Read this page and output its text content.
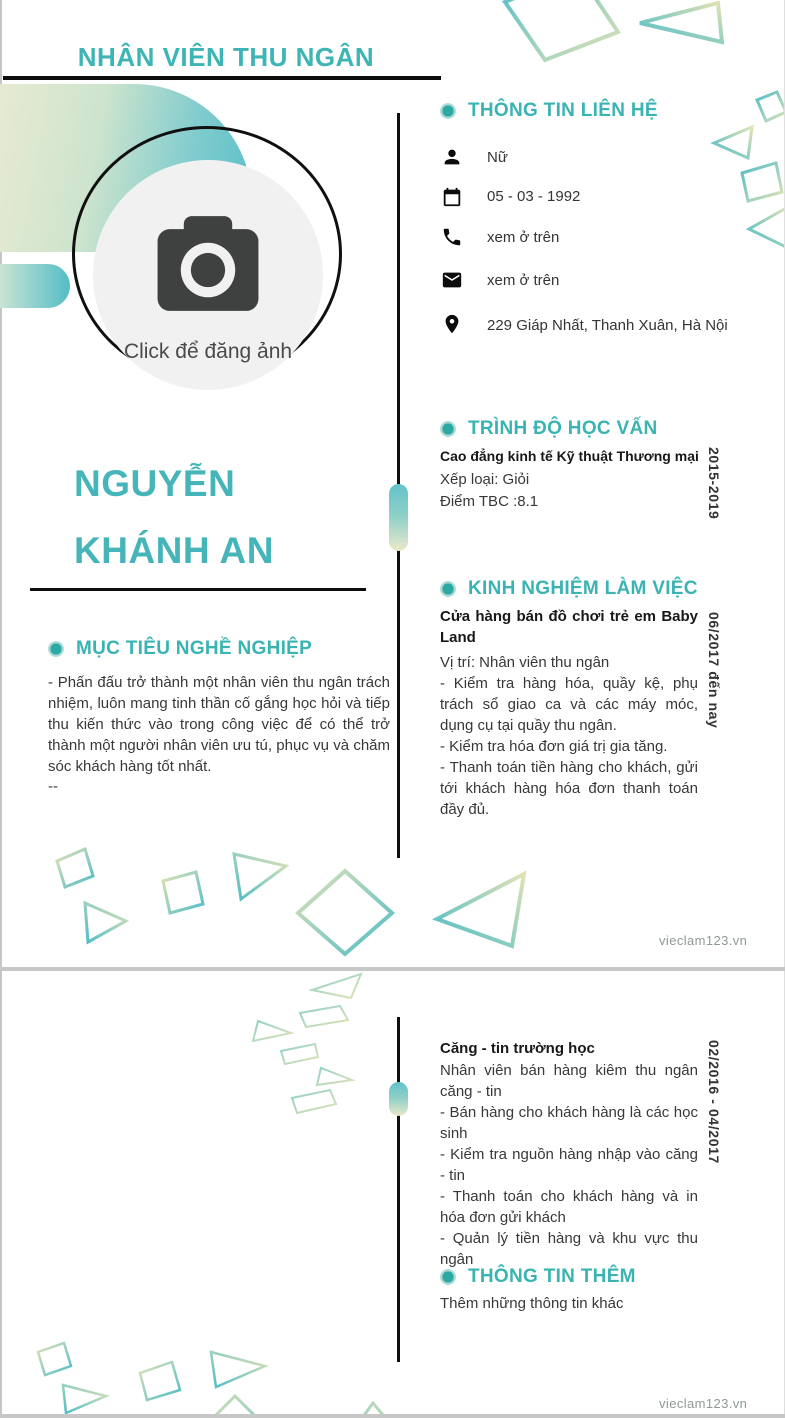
NHÂN VIÊN THU NGÂN
Click để đăng ảnh
NGUYỄN
KHÁNH AN
MỤC TIÊU NGHỀ NGHIỆP
- Phấn đấu trở thành một nhân viên thu ngân trách nhiệm, luôn mang tinh thần cố gắng học hỏi và tiếp thu kiến thức vào trong công việc để có thể trở thành một người nhân viên ưu tú, phục vụ và chăm sóc khách hàng tốt nhất.
--
THÔNG TIN LIÊN HỆ
Nữ
05 - 03 - 1992
xem ở trên
xem ở trên
229 Giáp Nhất, Thanh Xuân, Hà Nội
TRÌNH ĐỘ HỌC VẤN
Cao đẳng kinh tế Kỹ thuật Thương mại
Xếp loại: Giỏi
Điểm TBC :8.1	2015-2019
KINH NGHIỆM LÀM VIỆC
Cửa hàng bán đồ chơi trẻ em Baby Land
Vị trí: Nhân viên thu ngân
- Kiểm tra hàng hóa, quầy kệ, phụ trách sổ giao ca và các máy móc, dụng cụ tại quầy thu ngân.
- Kiểm tra hóa đơn giá trị gia tăng.
- Thanh toán tiền hàng cho khách, gửi tới khách hàng hóa đơn thanh toán đầy đủ.
06/2017 đến nay
vieclam123.vn
Căng - tin trường học
Nhân viên bán hàng kiêm thu ngân căng - tin
- Bán hàng cho khách hàng là các học sinh
- Kiểm tra nguồn hàng nhập vào căng - tin
- Thanh toán cho khách hàng và in hóa đơn gửi khách
- Quản lý tiền hàng và khu vực thu ngân
02/2016 - 04/2017
THÔNG TIN THÊM
Thêm những thông tin khác
vieclam123.vn
